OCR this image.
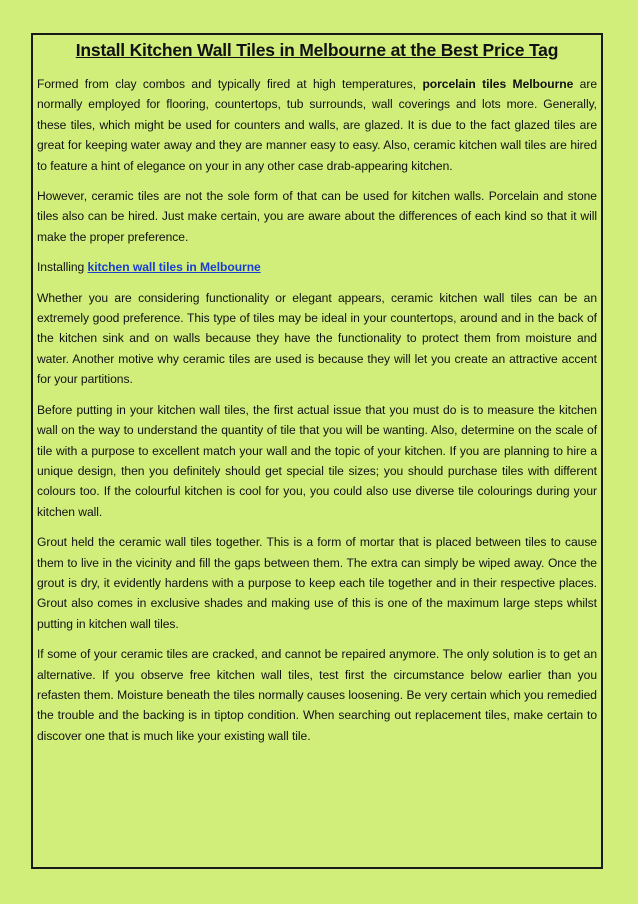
Install Kitchen Wall Tiles in Melbourne at the Best Price Tag

Formed from clay combos and typically fired at high temperatures, porcelain tiles Melbourne are normally employed for flooring, countertops, tub surrounds, wall coverings and lots more. Generally, these tiles, which might be used for counters and walls, are glazed. It is due to the fact glazed tiles are great for keeping water away and they are manner easy to easy. Also, ceramic kitchen wall tiles are hired to feature a hint of elegance on your in any other case drab-appearing kitchen.

However, ceramic tiles are not the sole form of that can be used for kitchen walls. Porcelain and stone tiles also can be hired. Just make certain, you are aware about the differences of each kind so that it will make the proper preference.

Installing kitchen wall tiles in Melbourne

Whether you are considering functionality or elegant appears, ceramic kitchen wall tiles can be an extremely good preference. This type of tiles may be ideal in your countertops, around and in the back of the kitchen sink and on walls because they have the functionality to protect them from moisture and water. Another motive why ceramic tiles are used is because they will let you create an attractive accent for your partitions.

Before putting in your kitchen wall tiles, the first actual issue that you must do is to measure the kitchen wall on the way to understand the quantity of tile that you will be wanting. Also, determine on the scale of tile with a purpose to excellent match your wall and the topic of your kitchen. If you are planning to hire a unique design, then you definitely should get special tile sizes; you should purchase tiles with different colours too. If the colourful kitchen is cool for you, you could also use diverse tile colourings during your kitchen wall.

Grout held the ceramic wall tiles together. This is a form of mortar that is placed between tiles to cause them to live in the vicinity and fill the gaps between them. The extra can simply be wiped away. Once the grout is dry, it evidently hardens with a purpose to keep each tile together and in their respective places. Grout also comes in exclusive shades and making use of this is one of the maximum large steps whilst putting in kitchen wall tiles.

If some of your ceramic tiles are cracked, and cannot be repaired anymore. The only solution is to get an alternative. If you observe free kitchen wall tiles, test first the circumstance below earlier than you refasten them. Moisture beneath the tiles normally causes loosening. Be very certain which you remedied the trouble and the backing is in tiptop condition. When searching out replacement tiles, make certain to discover one that is much like your existing wall tile.
